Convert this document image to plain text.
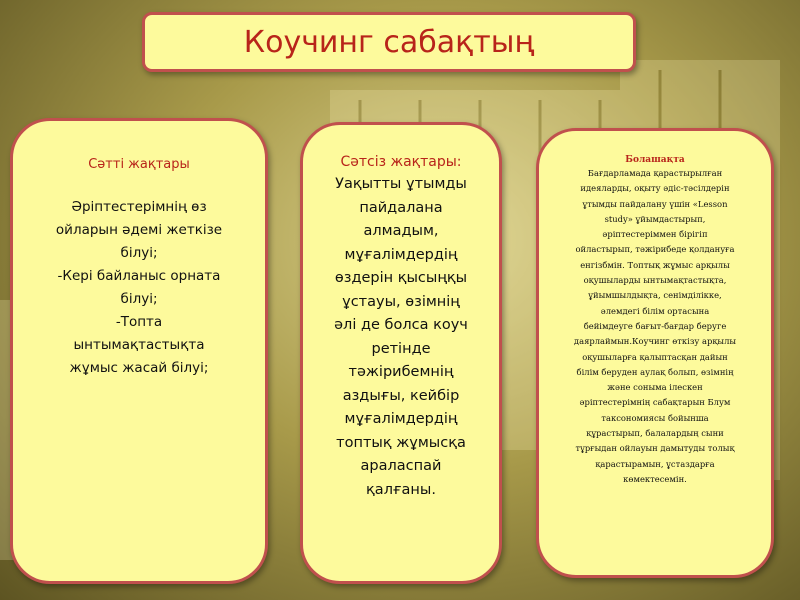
Коучинг сабақтың
Сәтті жақтары
Әріптестерімнің өз
ойларын әдемі жеткізе
білуі;
-Кері байланыс орната
білуі;
-Топта
ынтымақтастықта
жұмыс жасай білуі;
Сәтсіз жақтары:
Уақытты ұтымды
пайдалана
алмадым,
мұғалімдердің
өздерін қысыңқы
ұстауы, өзімнің
әлі де болса коуч
ретінде
тәжірибемнің
аздығы, кейбір
мұғалімдердің
топтық жұмысқа
араласпай
қалғаны.
Болашақта
Бағдарламада қарастырылған
идеяларды, оқыту әдіс-тәсілдерін
ұтымды пайдалану үшін «Lesson
study» ұйымдастырып,
әріптестеріммен бірігіп
ойластырып, тәжірибеде қолдануға
енгізбмін. Топтық жұмыс арқылы
оқушыларды ынтымақтастықта,
ұйымшылдықта, сенімділікке,
әлемдегі білім ортасына
бейімдеуге бағыт-бағдар беруге
даярлаймын.Коучинг өткізу арқылы
оқушыларға қалыптасқан дайын
білім беруден аулақ болып, өзімнің
және соныма ілескен
әріптестерімнің сабақтарын Блум
таксономиясы бойынша
құрастырып, балалардың сыни
тұрғыдан ойлауын дамытуды толық
қарастырамын, ұстаздарға
көмектесемін.
